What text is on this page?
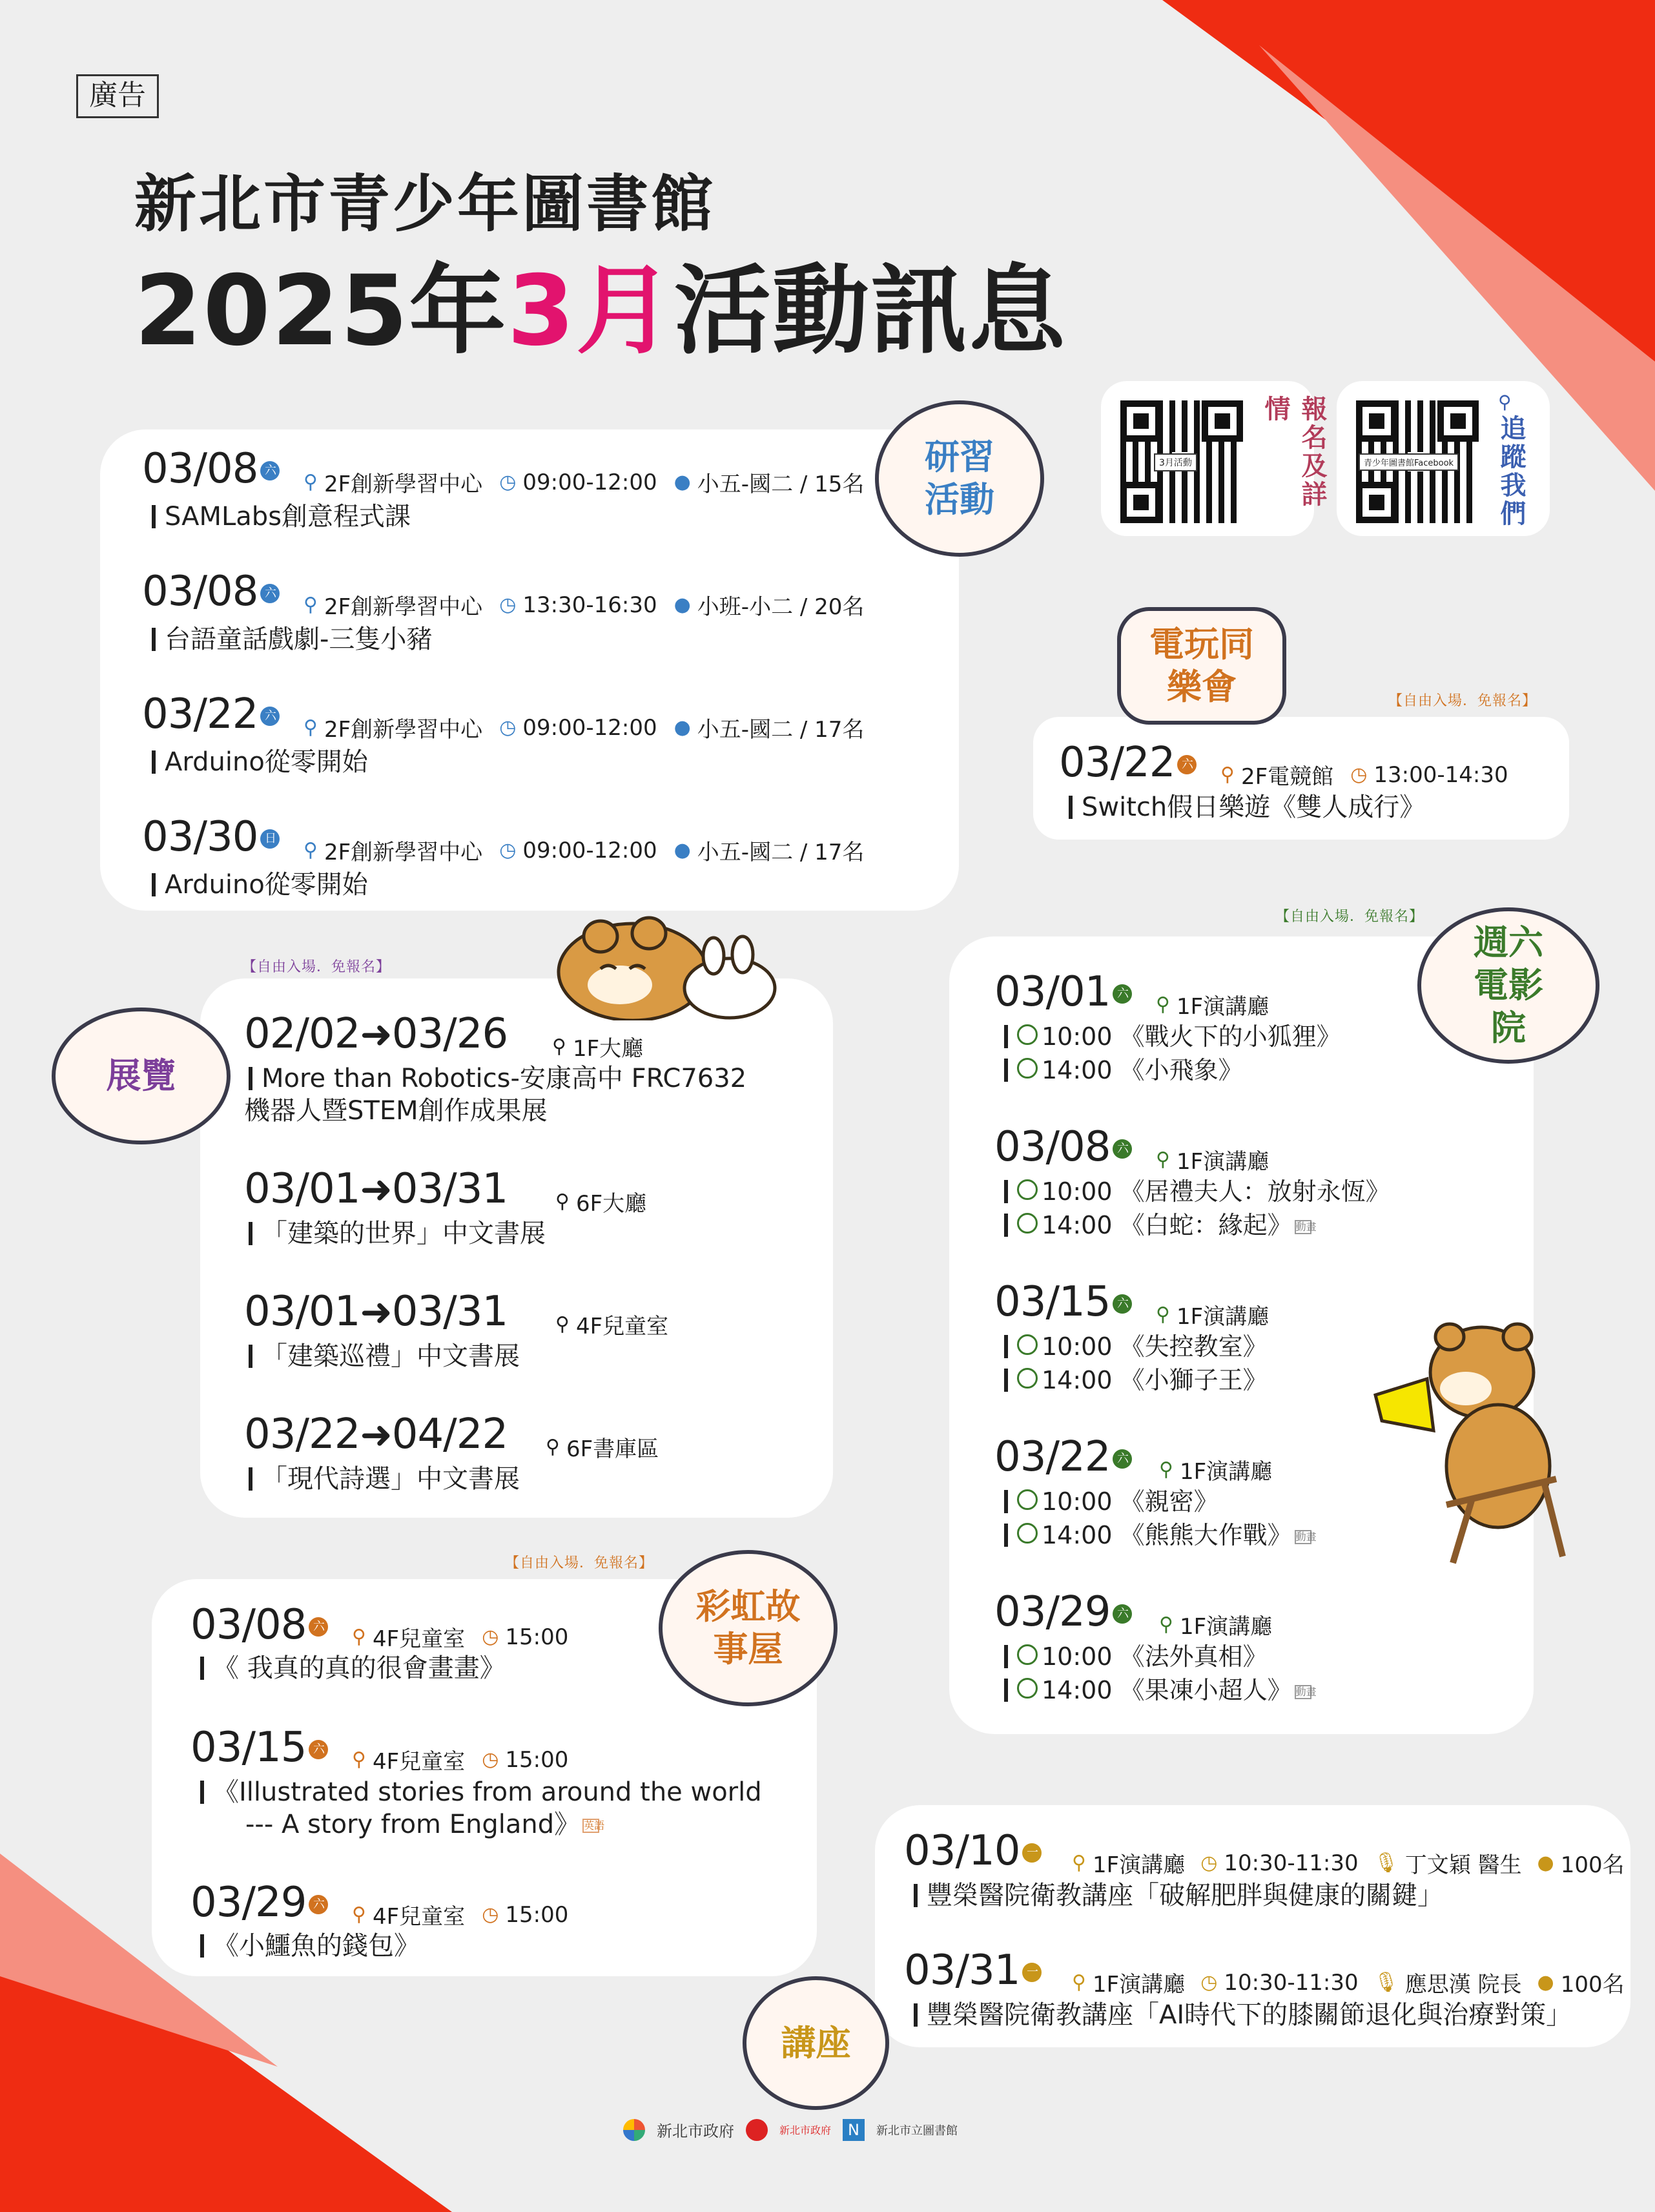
廣告
新北市青少年圖書館
2025年3月活動訊息
3月活動	報名及詳情
青少年圖書館Facebook
⚲
追蹤我們
研習活動
03/08 六 ⚲ 2F創新學習中心 ◷ 09:00-12:00 ● 小五-國二 / 15名
SAMLabs創意程式課
03/08 六 ⚲ 2F創新學習中心 ◷ 13:30-16:30 ● 小班-小二 / 20名
台語童話戲劇-三隻小豬
03/22 六 ⚲ 2F創新學習中心 ◷ 09:00-12:00 ● 小五-國二 / 17名
Arduino從零開始
03/30 日 ⚲ 2F創新學習中心 ◷ 09:00-12:00 ● 小五-國二 / 17名
Arduino從零開始
【自由入場．免報名】
電玩同樂會
03/22 六 ⚲ 2F電競館 ◷ 13:00-14:30
Switch假日樂遊《雙人成行》
【自由入場．免報名】
展覽
02/02➜03/26 ⚲ 1F大廳
More than Robotics-安康高中 FRC7632
機器人暨STEM創作成果展
03/01➜03/31 ⚲ 6F大廳
「建築的世界」中文書展
03/01➜03/31 ⚲ 4F兒童室
「建築巡禮」中文書展
03/22➜04/22 ⚲ 6F書庫區
「現代詩選」中文書展
【自由入場．免報名】
週六電影院
03/01 六 ⚲ 1F演講廳
10:00 《戰火下的小狐狸》
14:00 《小飛象》
03/08 六 ⚲ 1F演講廳
10:00 《居禮夫人：放射永恆》
14:00 《白蛇：緣起》 動畫
03/15 六 ⚲ 1F演講廳
10:00 《失控教室》
14:00 《小獅子王》
03/22 六 ⚲ 1F演講廳
10:00 《親密》
14:00 《熊熊大作戰》 動畫
03/29 六 ⚲ 1F演講廳
10:00 《法外真相》
14:00 《果凍小超人》 動畫
【自由入場．免報名】
彩虹故事屋
03/08 六 ⚲ 4F兒童室 ◷ 15:00
《 我真的真的很會畫畫》
03/15 六 ⚲ 4F兒童室 ◷ 15:00
《Illustrated stories from around the world
--- A story from England》 英語
03/29 六 ⚲ 4F兒童室 ◷ 15:00
《小鱷魚的錢包》
講座
03/10 一 ⚲ 1F演講廳 ◷ 10:30-11:30 🎙 丁文穎 醫生 ● 100名
豐榮醫院衛教講座「破解肥胖與健康的關鍵」
03/31 一 ⚲ 1F演講廳 ◷ 10:30-11:30 🎙 應思漢 院長 ● 100名
豐榮醫院衛教講座「AI時代下的膝關節退化與治療對策」
新北市政府	新北市政府	N	新北市立圖書館
